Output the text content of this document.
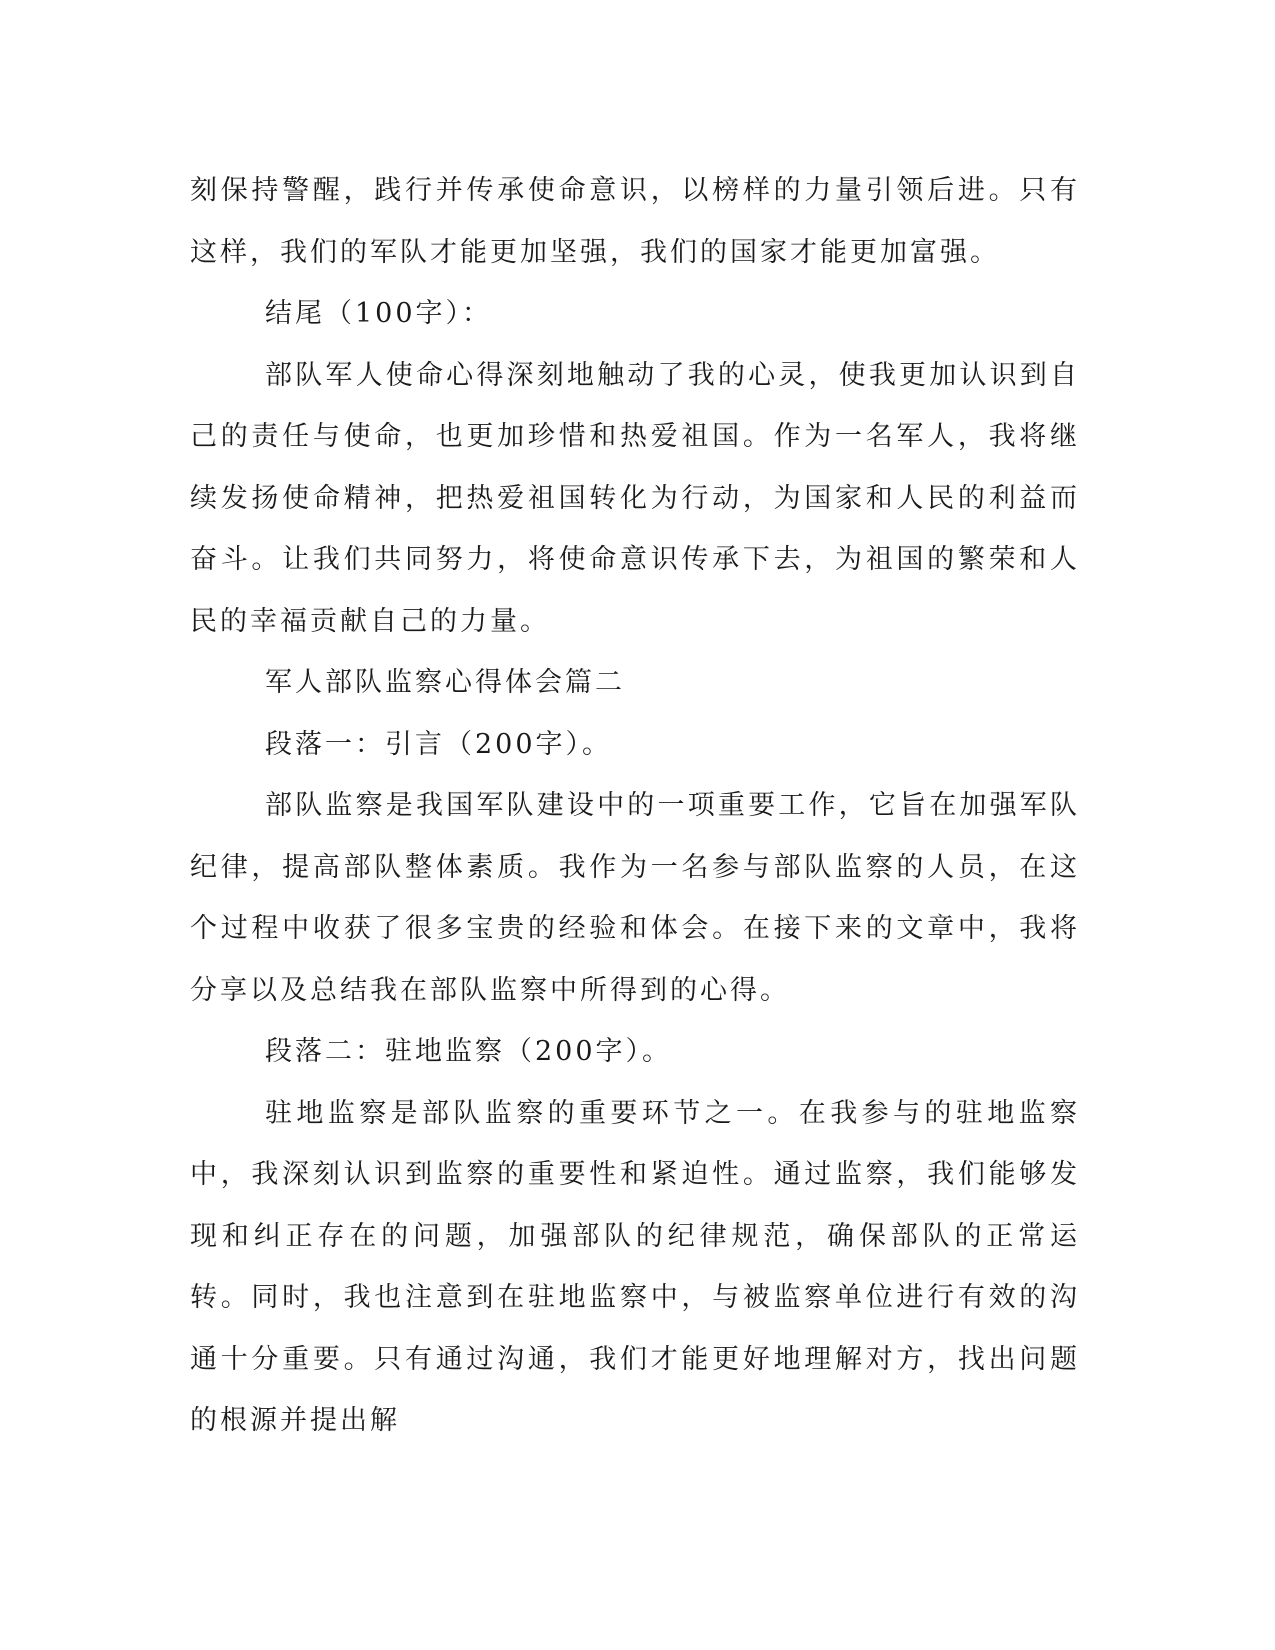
刻保持警醒，践行并传承使命意识，以榜样的力量引领后进。只有这样，我们的军队才能更加坚强，我们的国家才能更加富强。

结尾（100字）：

部队军人使命心得深刻地触动了我的心灵，使我更加认识到自己的责任与使命，也更加珍惜和热爱祖国。作为一名军人，我将继续发扬使命精神，把热爱祖国转化为行动，为国家和人民的利益而奋斗。让我们共同努力，将使命意识传承下去，为祖国的繁荣和人民的幸福贡献自己的力量。

军人部队监察心得体会篇二

段落一：引言（200字）。

部队监察是我国军队建设中的一项重要工作，它旨在加强军队纪律，提高部队整体素质。我作为一名参与部队监察的人员，在这个过程中收获了很多宝贵的经验和体会。在接下来的文章中，我将分享以及总结我在部队监察中所得到的心得。

段落二：驻地监察（200字）。

驻地监察是部队监察的重要环节之一。在我参与的驻地监察中，我深刻认识到监察的重要性和紧迫性。通过监察，我们能够发现和纠正存在的问题，加强部队的纪律规范，确保部队的正常运转。同时，我也注意到在驻地监察中，与被监察单位进行有效的沟通十分重要。只有通过沟通，我们才能更好地理解对方，找出问题的根源并提出解
